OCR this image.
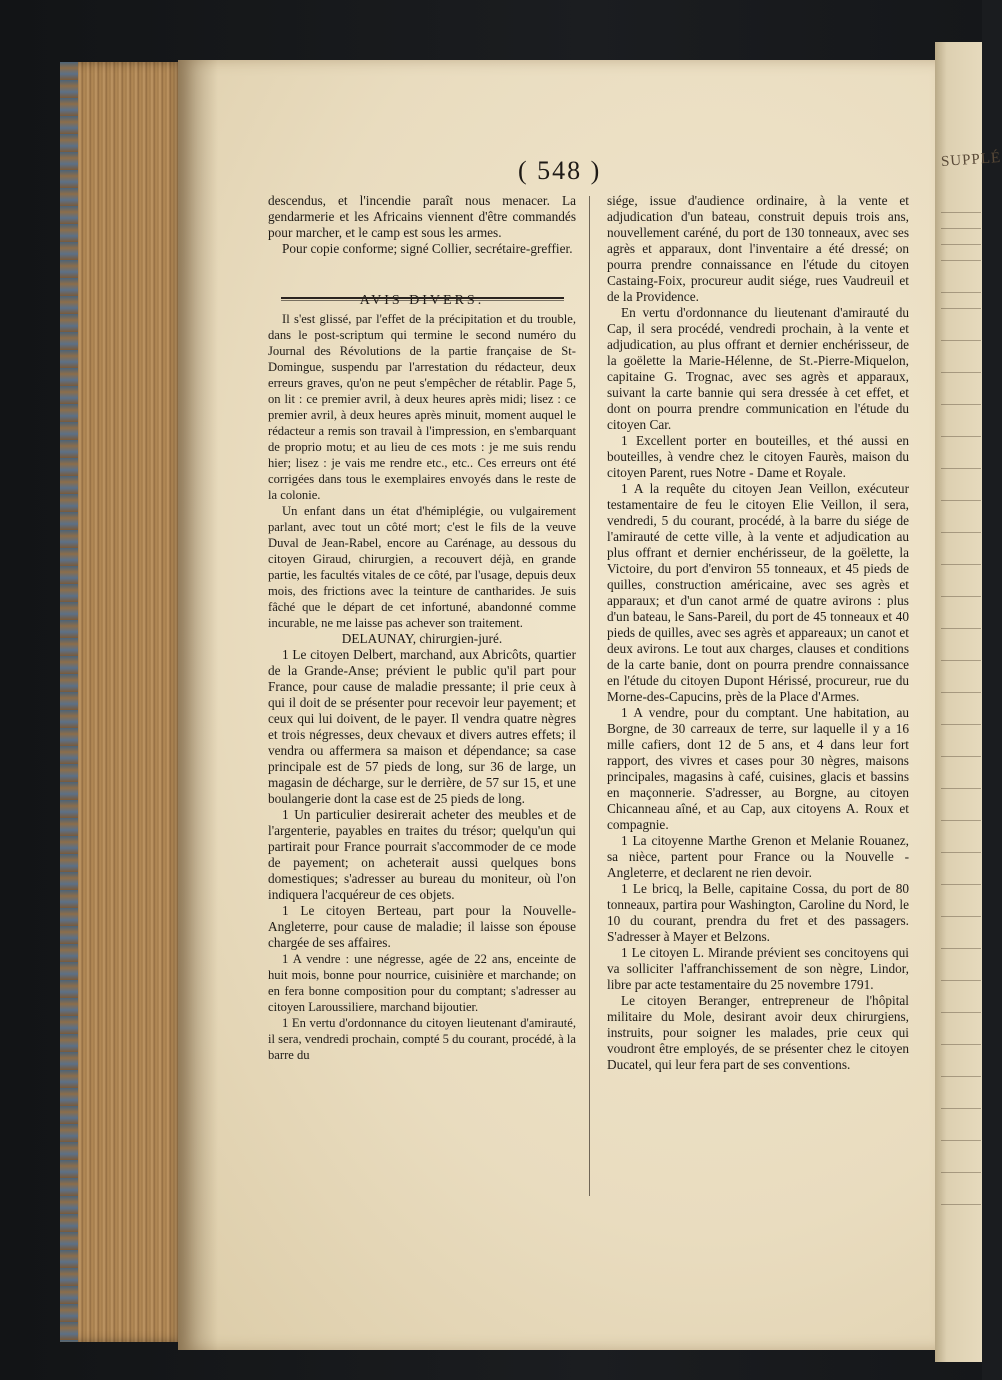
SUPPLÉ
( 548 )

descendus, et l'incendie paraît nous menacer. La gendarmerie et les Africains viennent d'être commandés pour marcher, et le camp est sous les armes.

Pour copie conforme; signé Collier, secrétaire-greffier.

Il s'est glissé, par l'effet de la précipitation et du trouble, dans le post-scriptum qui termine le second numéro du Journal des Révolutions de la partie française de St-Domingue, suspendu par l'arrestation du rédacteur, deux erreurs graves, qu'on ne peut s'empêcher de rétablir. Page 5, on lit : ce premier avril, à deux heures après midi; lisez : ce premier avril, à deux heures après minuit, moment auquel le rédacteur a remis son travail à l'impression, en s'embarquant de proprio motu; et au lieu de ces mots : je me suis rendu hier; lisez : je vais me rendre etc., etc.. Ces erreurs ont été corrigées dans tous le exemplaires envoyés dans le reste de la colonie.

Un enfant dans un état d'hémiplégie, ou vulgairement parlant, avec tout un côté mort; c'est le fils de la veuve Duval de Jean-Rabel, encore au Carénage, au dessous du citoyen Giraud, chirurgien, a recouvert déjà, en grande partie, les facultés vitales de ce côté, par l'usage, depuis deux mois, des frictions avec la teinture de cantharides. Je suis fâché que le départ de cet infortuné, abandonné comme incurable, ne me laisse pas achever son traitement.

DELAUNAY, chirurgien-juré.

1 Le citoyen Delbert, marchand, aux Abricôts, quartier de la Grande-Anse; prévient le public qu'il part pour France, pour cause de maladie pressante; il prie ceux à qui il doit de se présenter pour recevoir leur payement; et ceux qui lui doivent, de le payer. Il vendra quatre nègres et trois négresses, deux chevaux et divers autres effets; il vendra ou affermera sa maison et dépendance; sa case principale est de 57 pieds de long, sur 36 de large, un magasin de décharge, sur le derrière, de 57 sur 15, et une boulangerie dont la case est de 25 pieds de long.

1 Un particulier desirerait acheter des meubles et de l'argenterie, payables en traites du trésor; quelqu'un qui partirait pour France pourrait s'accommoder de ce mode de payement; on acheterait aussi quelques bons domestiques; s'adresser au bureau du moniteur, où l'on indiquera l'acquéreur de ces objets.

1 Le citoyen Berteau, part pour la Nouvelle-Angleterre, pour cause de maladie; il laisse son épouse chargée de ses affaires.

1 A vendre : une négresse, agée de 22 ans, enceinte de huit mois, bonne pour nourrice, cuisinière et marchande; on en fera bonne composition pour du comptant; s'adresser au citoyen Laroussiliere, marchand bijoutier.

1 En vertu d'ordonnance du citoyen lieutenant d'amirauté, il sera, vendredi prochain, compté 5 du courant, procédé, à la barre du

siége, issue d'audience ordinaire, à la vente et adjudication d'un bateau, construit depuis trois ans, nouvellement caréné, du port de 130 tonneaux, avec ses agrès et apparaux, dont l'inventaire a été dressé; on pourra prendre connaissance en l'étude du citoyen Castaing-Foix, procureur audit siége, rues Vaudreuil et de la Providence.

En vertu d'ordonnance du lieutenant d'amirauté du Cap, il sera procédé, vendredi prochain, à la vente et adjudication, au plus offrant et dernier enchérisseur, de la goëlette la Marie-Hélenne, de St.-Pierre-Miquelon, capitaine G. Trognac, avec ses agrès et apparaux, suivant la carte bannie qui sera dressée à cet effet, et dont on pourra prendre communication en l'étude du citoyen Car.

1 Excellent porter en bouteilles, et thé aussi en bouteilles, à vendre chez le citoyen Faurès, maison du citoyen Parent, rues Notre - Dame et Royale.

1 A la requête du citoyen Jean Veillon, exécuteur testamentaire de feu le citoyen Elie Veillon, il sera, vendredi, 5 du courant, procédé, à la barre du siége de l'amirauté de cette ville, à la vente et adjudication au plus offrant et dernier enchérisseur, de la goëlette, la Victoire, du port d'environ 55 tonneaux, et 45 pieds de quilles, construction américaine, avec ses agrès et apparaux; et d'un canot armé de quatre avirons : plus d'un bateau, le Sans-Pareil, du port de 45 tonneaux et 40 pieds de quilles, avec ses agrès et appareaux; un canot et deux avirons. Le tout aux charges, clauses et conditions de la carte banie, dont on pourra prendre connaissance en l'étude du citoyen Dupont Hérissé, procureur, rue du Morne-des-Capucins, près de la Place d'Armes.

1 A vendre, pour du comptant. Une habitation, au Borgne, de 30 carreaux de terre, sur laquelle il y a 16 mille cafiers, dont 12 de 5 ans, et 4 dans leur fort rapport, des vivres et cases pour 30 nègres, maisons principales, magasins à café, cuisines, glacis et bassins en maçonnerie. S'adresser, au Borgne, au citoyen Chicanneau aîné, et au Cap, aux citoyens A. Roux et compagnie.

1 La citoyenne Marthe Grenon et Melanie Rouanez, sa nièce, partent pour France ou la Nouvelle - Angleterre, et declarent ne rien devoir.

1 Le bricq, la Belle, capitaine Cossa, du port de 80 tonneaux, partira pour Washington, Caroline du Nord, le 10 du courant, prendra du fret et des passagers. S'adresser à Mayer et Belzons.

1 Le citoyen L. Mirande prévient ses concitoyens qui va solliciter l'affranchissement de son nègre, Lindor, libre par acte testamentaire du 25 novembre 1791.

Le citoyen Beranger, entrepreneur de l'hôpital militaire du Mole, desirant avoir deux chirurgiens, instruits, pour soigner les malades, prie ceux qui voudront être employés, de se présenter chez le citoyen Ducatel, qui leur fera part de ses conventions.
